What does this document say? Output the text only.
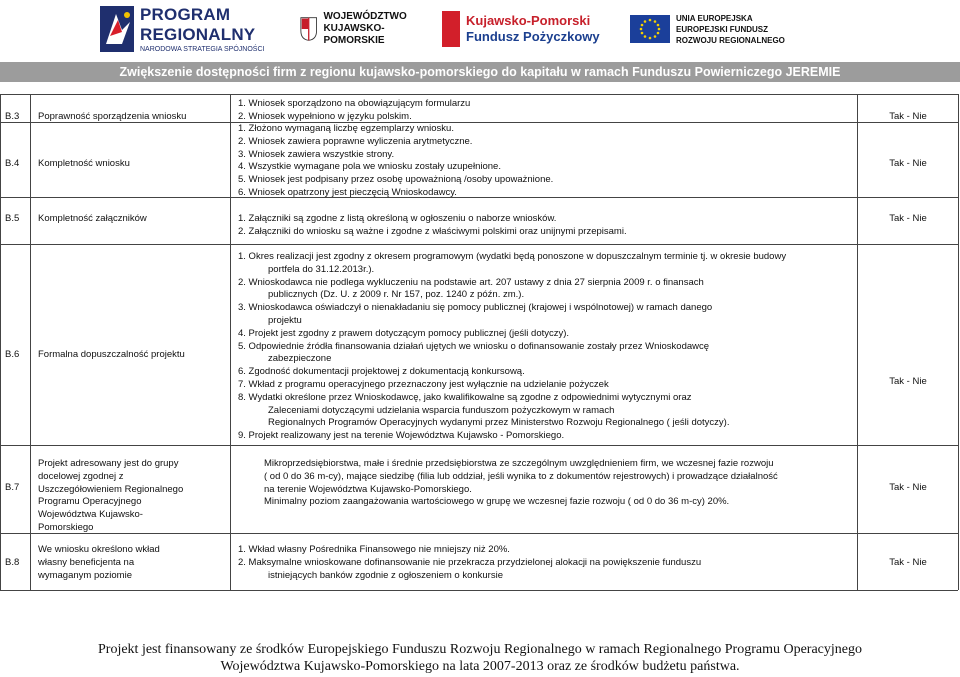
PROGRAM REGIONALNY
NARODOWA STRATEGIA SPÓJNOŚCI
WOJEWÓDZTWO
KUJAWSKO-POMORSKIE
Kujawsko-Pomorski
Fundusz Pożyczkowy
UNIA EUROPEJSKA
EUROPEJSKI FUNDUSZ
ROZWOJU REGIONALNEGO
Zwiększenie dostępności firm z regionu kujawsko-pomorskiego do kapitału w ramach Funduszu Powierniczego JEREMIE
B.3 Poprawność sporządzenia wniosku
1. Wniosek sporządzono na obowiązującym formularzu
2. Wniosek wypełniono w języku polskim.	Tak - Nie
B.4 Kompletność wniosku
1. Złożono wymaganą liczbę egzemplarzy wniosku.
2. Wniosek zawiera poprawne wyliczenia arytmetyczne.
3. Wniosek zawiera wszystkie strony.
4. Wszystkie wymagane pola we wniosku zostały uzupełnione.
5. Wniosek jest podpisany przez osobę upoważnioną /osoby upoważnione.
6. Wniosek opatrzony jest pieczęcią Wnioskodawcy.
Tak - Nie
B.5 Kompletność załączników	1. Załączniki są zgodne z listą określoną w ogłoszeniu o naborze wniosków.
2. Załączniki do wniosku są ważne i zgodne z właściwymi polskimi oraz unijnymi przepisami.
Tak - Nie
B.6 Formalna dopuszczalność projektu
1. Okres realizacji jest zgodny z okresem programowym (wydatki będą ponoszone w dopuszczalnym terminie tj. w okresie budowy
portfela do 31.12.2013r.).
2. Wnioskodawca nie podlega wykluczeniu na podstawie art. 207 ustawy z dnia 27 sierpnia 2009 r. o finansach
publicznych (Dz. U. z 2009 r. Nr 157, poz. 1240 z późn. zm.).
3. Wnioskodawca oświadczył o nienakładaniu się pomocy publicznej (krajowej i wspólnotowej) w ramach danego
projektu
4. Projekt jest zgodny z prawem dotyczącym pomocy publicznej (jeśli dotyczy).
5. Odpowiednie źródła finansowania działań ujętych we wniosku o dofinansowanie zostały przez Wnioskodawcę
zabezpieczone
6. Zgodność dokumentacji projektowej z dokumentacją konkursową.
7. Wkład z programu operacyjnego przeznaczony jest wyłącznie na udzielanie pożyczek
8. Wydatki określone przez Wnioskodawcę, jako kwalifikowalne są zgodne z odpowiednimi wytycznymi oraz
Zaleceniami dotyczącymi udzielania wsparcia funduszom pożyczkowym w ramach
Regionalnych Programów Operacyjnych wydanymi przez Ministerstwo Rozwoju Regionalnego ( jeśli dotyczy).
9. Projekt realizowany jest na terenie Województwa Kujawsko - Pomorskiego.
Tak - Nie
B.7
Projekt adresowany jest do grupy
docelowej zgodnej z
Uszczegółowieniem Regionalnego
Programu Operacyjnego
Województwa Kujawsko-
Pomorskiego
Mikroprzedsiębiorstwa, małe i średnie przedsiębiorstwa ze szczególnym uwzględnieniem firm, we wczesnej fazie rozwoju
( od 0 do 36 m-cy), mające siedzibę (filia lub oddział, jeśli wynika to z dokumentów rejestrowych) i prowadzące działalność
na terenie Województwa Kujawsko-Pomorskiego.
Minimalny poziom zaangażowania wartościowego w grupę we wczesnej fazie rozwoju ( od 0 do 36 m-cy) 20%.
Tak - Nie
B.8
We wniosku określono wkład
własny beneficjenta na
wymaganym poziomie
1. Wkład własny Pośrednika Finansowego nie mniejszy niż 20%.
2. Maksymalne wnioskowane dofinansowanie nie przekracza przydzielonej alokacji na powiększenie funduszu
istniejących banków zgodnie z ogłoszeniem o konkursie
Tak - Nie
Projekt jest finansowany ze środków Europejskiego Funduszu Rozwoju Regionalnego w ramach Regionalnego Programu Operacyjnego
Województwa Kujawsko-Pomorskiego na lata 2007-2013 oraz ze środków budżetu państwa.
